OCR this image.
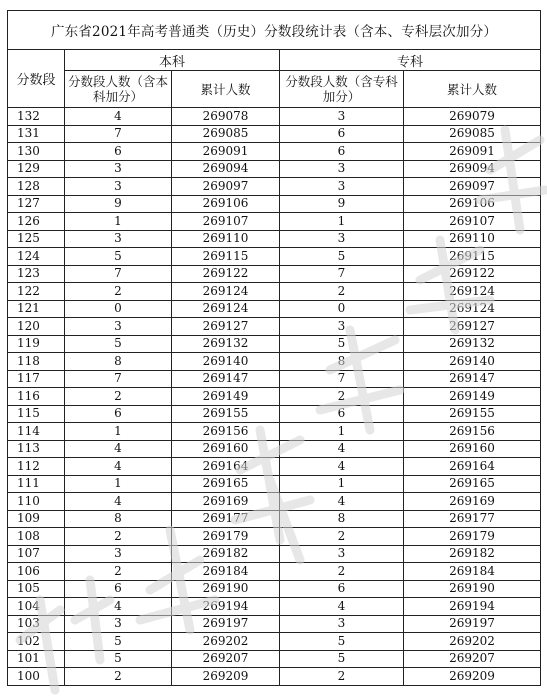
广东省2021年高考普通类（历史）分数段统计表（含本、专科层次加分）				
分数段	本科		专科	
	分数段人数（含本科加分）	累计人数	分数段人数（含专科加分）	累计人数
132	4	269078	3	269079
131	7	269085	6	269085
130	6	269091	6	269091
129	3	269094	3	269094
128	3	269097	3	269097
127	9	269106	9	269106
126	1	269107	1	269107
125	3	269110	3	269110
124	5	269115	5	269115
123	7	269122	7	269122
122	2	269124	2	269124
121	0	269124	0	269124
120	3	269127	3	269127
119	5	269132	5	269132
118	8	269140	8	269140
117	7	269147	7	269147
116	2	269149	2	269149
115	6	269155	6	269155
114	1	269156	1	269156
113	4	269160	4	269160
112	4	269164	4	269164
111	1	269165	1	269165
110	4	269169	4	269169
109	8	269177	8	269177
108	2	269179	2	269179
107	3	269182	3	269182
106	2	269184	2	269184
105	6	269190	6	269190
104	4	269194	4	269194
103	3	269197	3	269197
102	5	269202	5	269202
101	5	269207	5	269207
100	2	269209	2	269209
